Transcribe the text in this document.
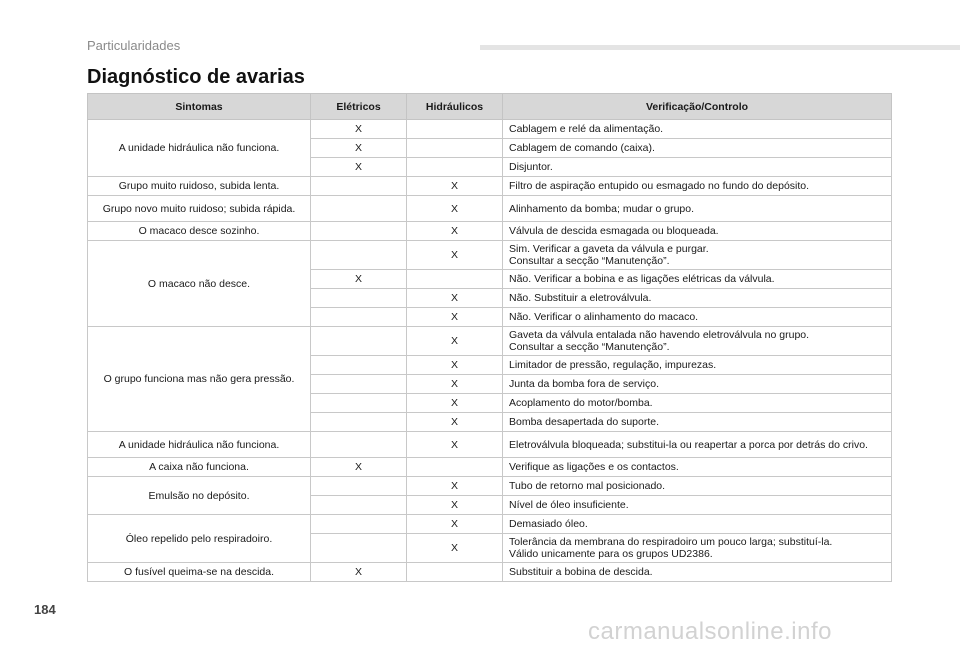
Particularidades
Diagnóstico de avarias
Sintomas	Elétricos	Hidráulicos	Verificação/Controlo
A unidade hidráulica não funciona.	X		Cablagem e relé da alimentação.

	X		Cablagem de comando (caixa).

	X		Disjuntor.

Grupo muito ruidoso, subida lenta.		X	Filtro de aspiração entupido ou esmagado no fundo do depósito.

Grupo novo muito ruidoso; subida rápida.		X	Alinhamento da bomba; mudar o grupo.

O macaco desce sozinho.		X	Válvula de descida esmagada ou bloqueada.

O macaco não desce.		X	Sim. Verificar a gaveta da válvula e purgar.
Consultar a secção “Manutenção”.

	X		Não. Verificar a bobina e as ligações elétricas da válvula.

		X	Não. Substituir a eletroválvula.

		X	Não. Verificar o alinhamento do macaco.

O grupo funciona mas não gera pressão.		X	Gaveta da válvula entalada não havendo eletroválvula no grupo.
Consultar a secção “Manutenção”.

		X	Limitador de pressão, regulação, impurezas.

		X	Junta da bomba fora de serviço.

		X	Acoplamento do motor/bomba.

		X	Bomba desapertada do suporte.

A unidade hidráulica não funciona.		X	Eletroválvula bloqueada; substitui-la ou reapertar a porca por detrás do crivo.

A caixa não funciona.	X		Verifique as ligações e os contactos.

Emulsão no depósito.		X	Tubo de retorno mal posicionado.

		X	Nível de óleo insuficiente.

Óleo repelido pelo respiradoiro.		X	Demasiado óleo.

		X	Tolerância da membrana do respiradoiro um pouco larga; substituí-la.
Válido unicamente para os grupos UD2386.

O fusível queima-se na descida.	X		Substituir a bobina de descida.
184
carmanualsonline.info
